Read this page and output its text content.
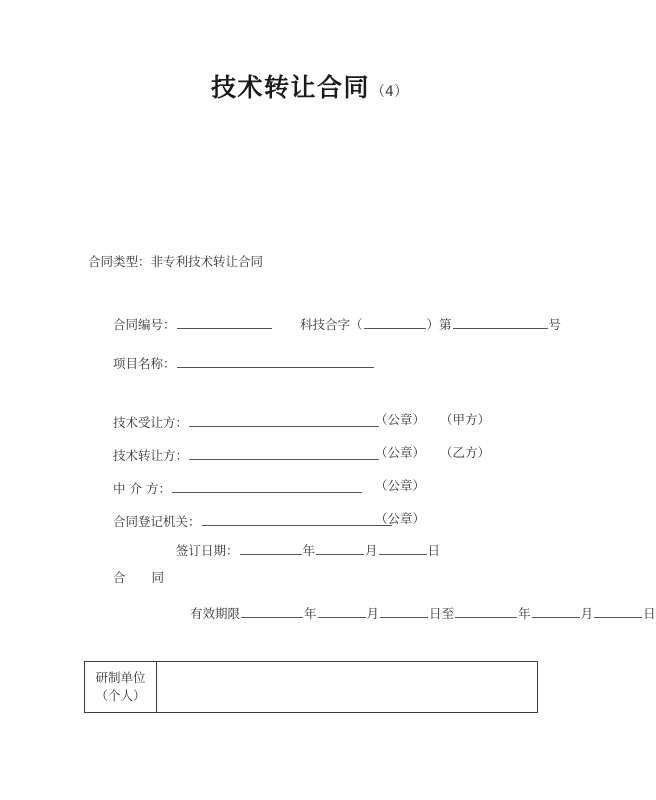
技术转让合同（4）
合同类型：非专利技术转让合同
合同编号：	科技合字（	）第	号
项目名称：
技术受让方：	（公章） （甲方）
技术转让方：	（公章） （乙方）
中 介 方：	（公章）
合同登记机关：	（公章）
签订日期：	年	月	日
合 同
有效期限	年	月	日至	年	月	日
研制单位
（个人）
